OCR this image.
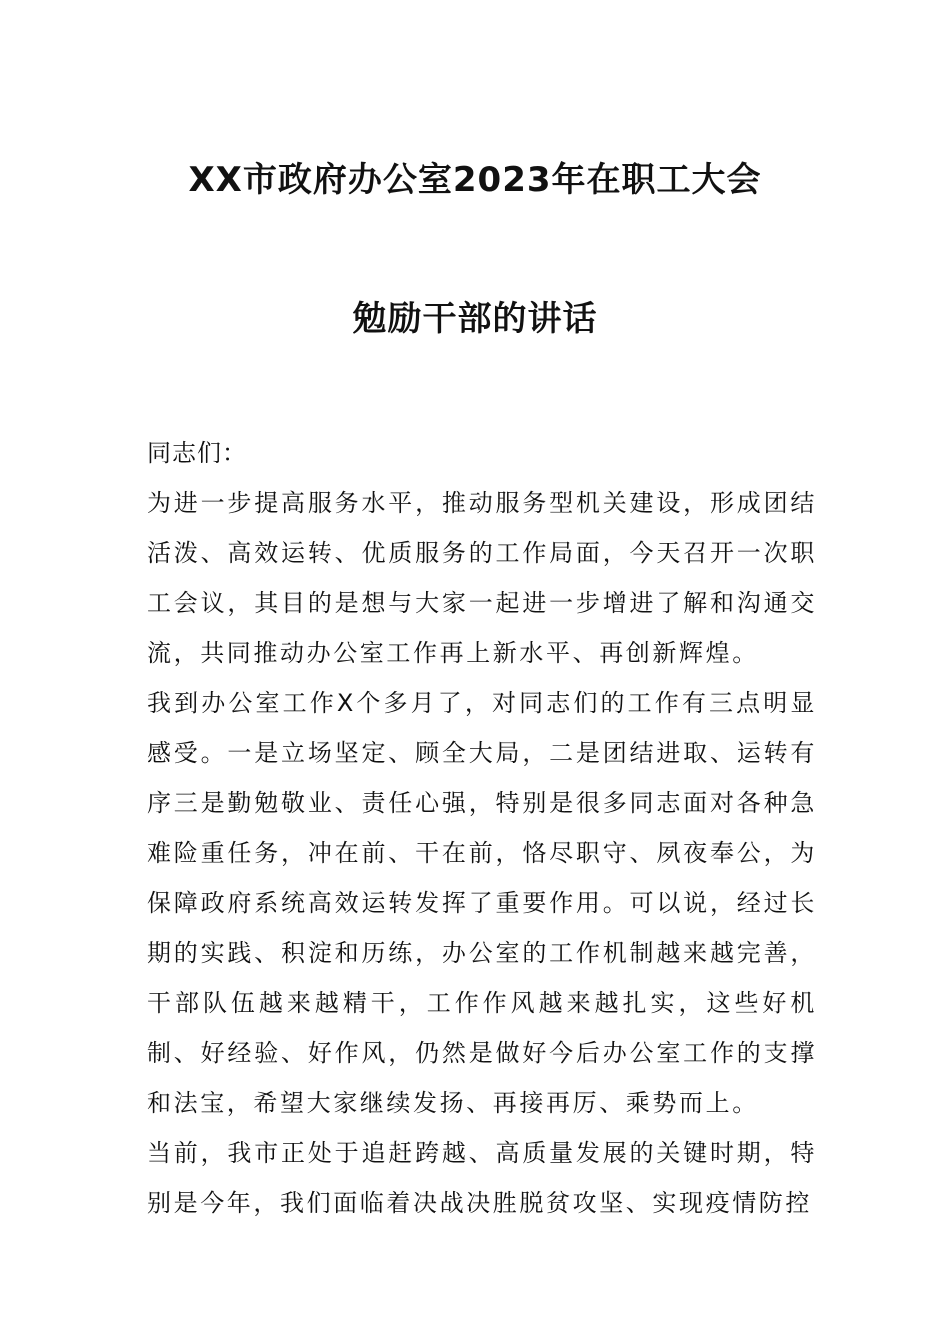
XX市政府办公室2023年在职工大会
勉励干部的讲话

同志们：

为进一步提高服务水平，推动服务型机关建设，形成团结活泼、高效运转、优质服务的工作局面，今天召开一次职工会议，其目的是想与大家一起进一步增进了解和沟通交流，共同推动办公室工作再上新水平、再创新辉煌。

我到办公室工作X个多月了，对同志们的工作有三点明显感受。一是立场坚定、顾全大局，二是团结进取、运转有序三是勤勉敬业、责任心强，特别是很多同志面对各种急难险重任务，冲在前、干在前，恪尽职守、夙夜奉公，为保障政府系统高效运转发挥了重要作用。可以说，经过长期的实践、积淀和历练，办公室的工作机制越来越完善，干部队伍越来越精干，工作作风越来越扎实，这些好机制、好经验、好作风，仍然是做好今后办公室工作的支撑和法宝，希望大家继续发扬、再接再厉、乘势而上。

当前，我市正处于追赶跨越、高质量发展的关键时期，特别是今年，我们面临着决战决胜脱贫攻坚、实现疫情防控
